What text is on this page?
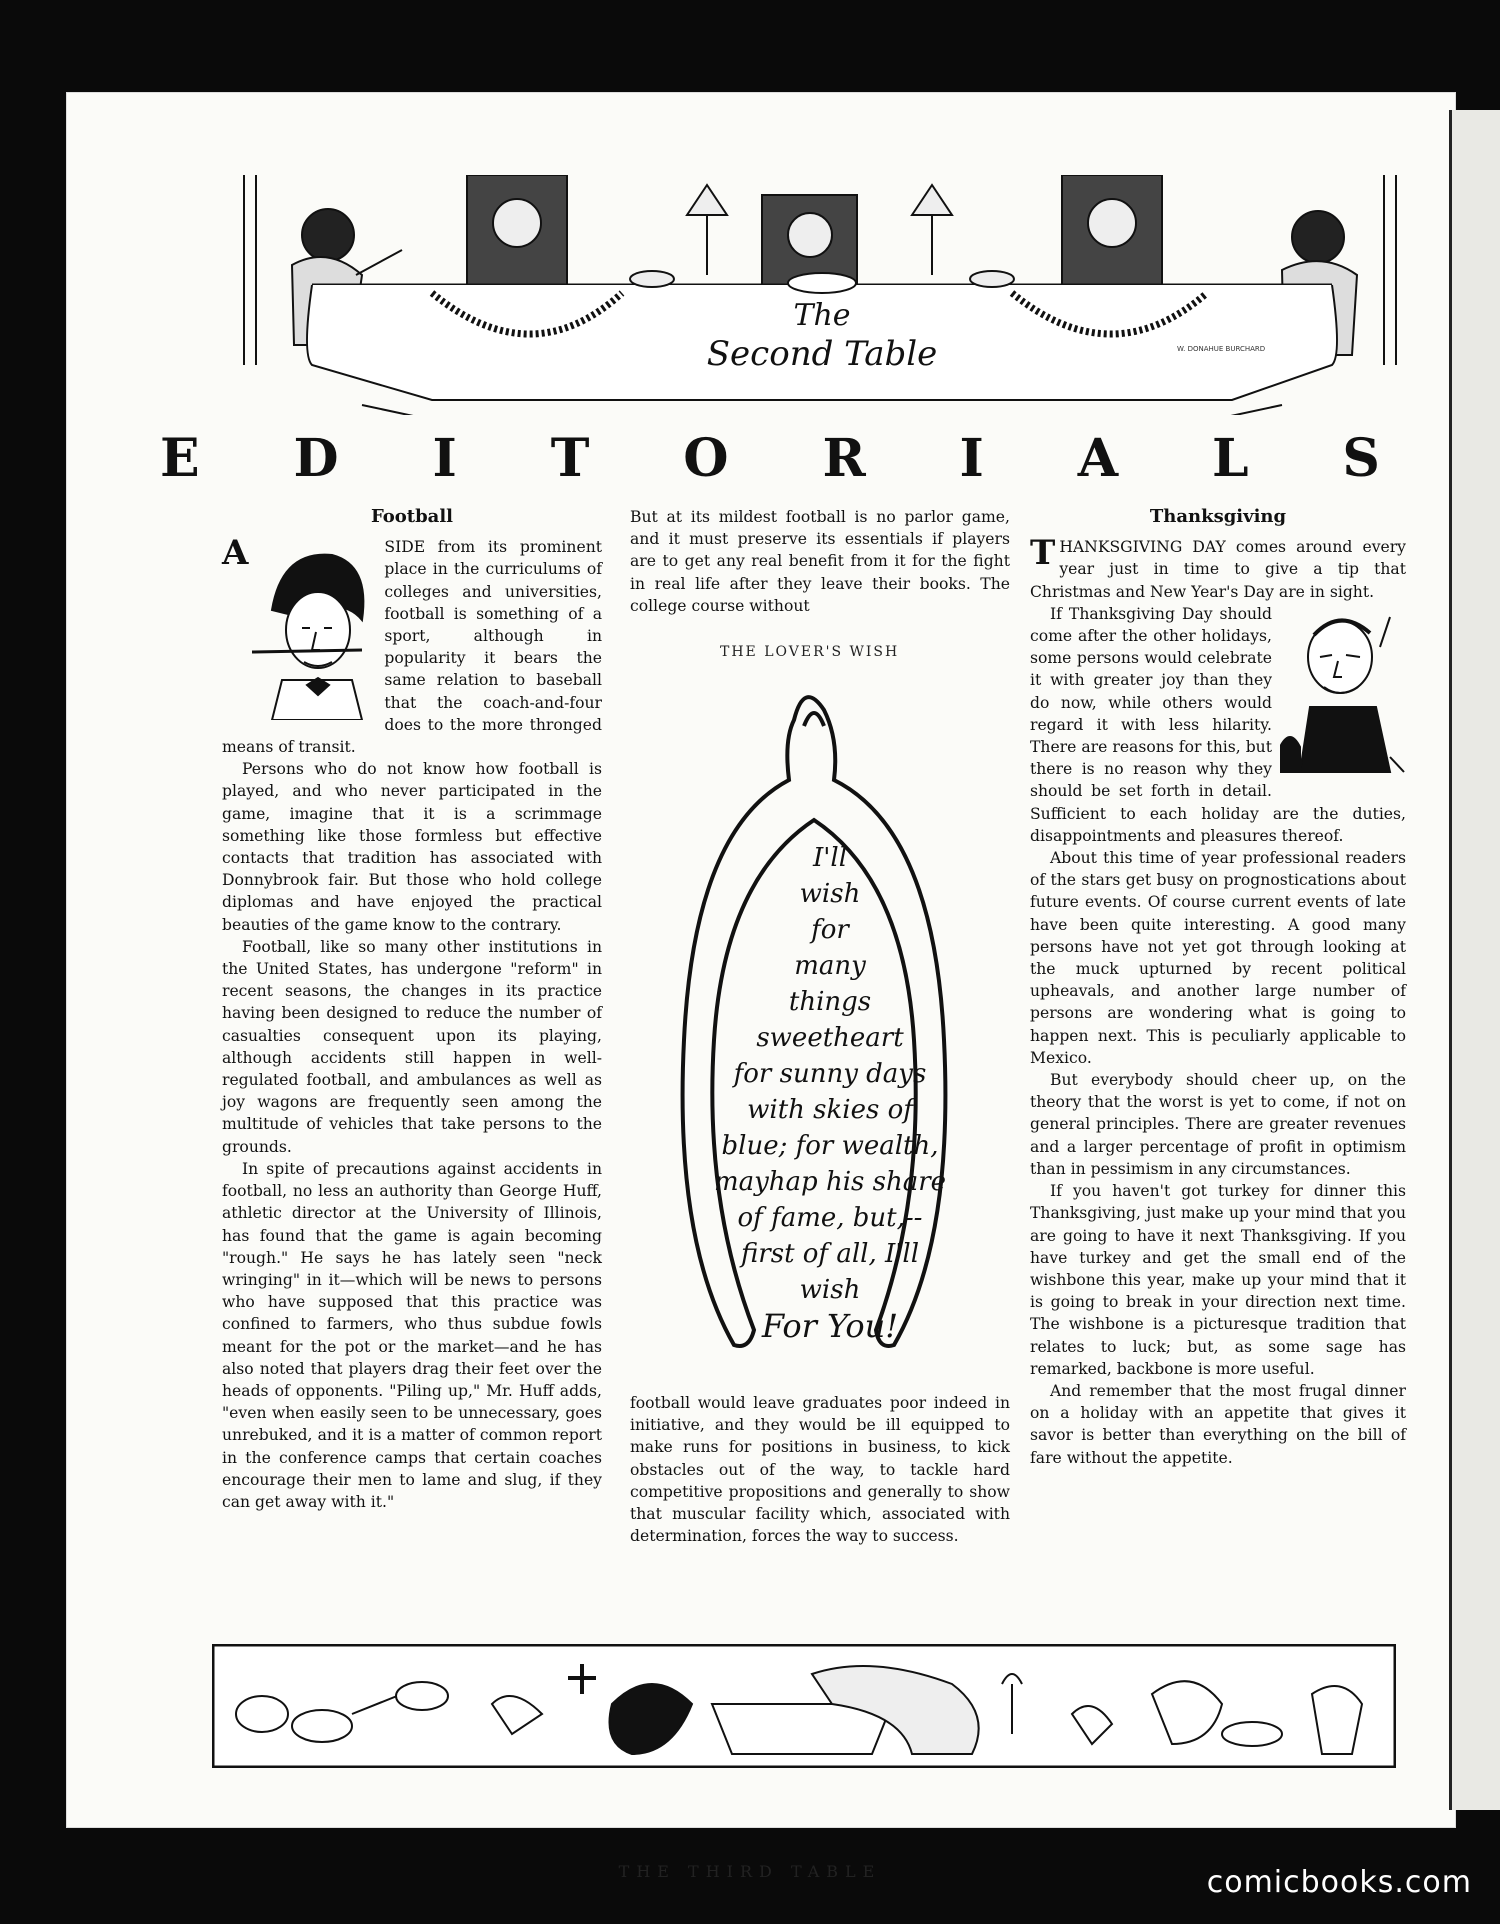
The
Second Table	W. DONAHUE BURCHARD
E D I T O R I A L S
Football

A	SIDE from its prominent place in the curriculums of colleges and universities, football is something of a sport, although in popularity it bears the same relation to baseball that the coach-and-four does to the more thronged means of transit.

Persons who do not know how football is played, and who never participated in the game, imagine that it is a scrimmage something like those formless but effective contacts that tradition has associated with Donnybrook fair. But those who hold college diplomas and have enjoyed the practical beauties of the game know to the contrary.

Football, like so many other institutions in the United States, has undergone "reform" in recent seasons, the changes in its practice having been designed to reduce the number of casualties consequent upon its playing, although accidents still happen in well-regulated football, and ambulances as well as joy wagons are frequently seen among the multitude of vehicles that take persons to the grounds.

In spite of precautions against accidents in football, no less an authority than George Huff, athletic director at the University of Illinois, has found that the game is again becoming "rough." He says he has lately seen "neck wringing" in it—which will be news to persons who have supposed that this practice was confined to farmers, who thus subdue fowls meant for the pot or the market—and he has also noted that players drag their feet over the heads of opponents. "Piling up," Mr. Huff adds, "even when easily seen to be unnecessary, goes unrebuked, and it is a matter of common report in the conference camps that certain coaches encourage their men to lame and slug, if they can get away with it."

But at its mildest football is no parlor game, and it must preserve its essentials if players are to get any real benefit from it for the fight in real life after they leave their books. The college course without

THE LOVER'S WISH
I'll
wish
for
many
things
sweetheart
for sunny days
with skies of
blue; for wealth,
mayhap his share
of fame, but,--
first of all, I'll
wish
For You!

football would leave graduates poor indeed in initiative, and they would be ill equipped to make runs for positions in business, to kick obstacles out of the way, to tackle hard competitive propositions and generally to show that muscular facility which, associated with determination, forces the way to success.

Thanksgiving

T HANKSGIVING DAY comes around every year just in time to give a tip that Christmas and New Year's Day are in sight.

If Thanksgiving Day should come after the other holidays, some persons would celebrate it with greater joy than they do now, while others would regard it with less hilarity. There are reasons for this, but there is no reason why they should be set forth in detail. Sufficient to each holiday are the duties, disappointments and pleasures thereof.

About this time of year professional readers of the stars get busy on prognostications about future events. Of course current events of late have been quite interesting. A good many persons have not yet got through looking at the muck upturned by recent political upheavals, and another large number of persons are wondering what is going to happen next. This is peculiarly applicable to Mexico.

But everybody should cheer up, on the theory that the worst is yet to come, if not on general principles. There are greater revenues and a larger percentage of profit in optimism than in pessimism in any circumstances.

If you haven't got turkey for dinner this Thanksgiving, just make up your mind that you are going to have it next Thanksgiving. If you have turkey and get the small end of the wishbone this year, make up your mind that it is going to break in your direction next time. The wishbone is a picturesque tradition that relates to luck; but, as some sage has remarked, backbone is more useful.

And remember that the most frugal dinner on a holiday with an appetite that gives it savor is better than everything on the bill of fare without the appetite.

THE THIRD TABLE	comicbooks.com
